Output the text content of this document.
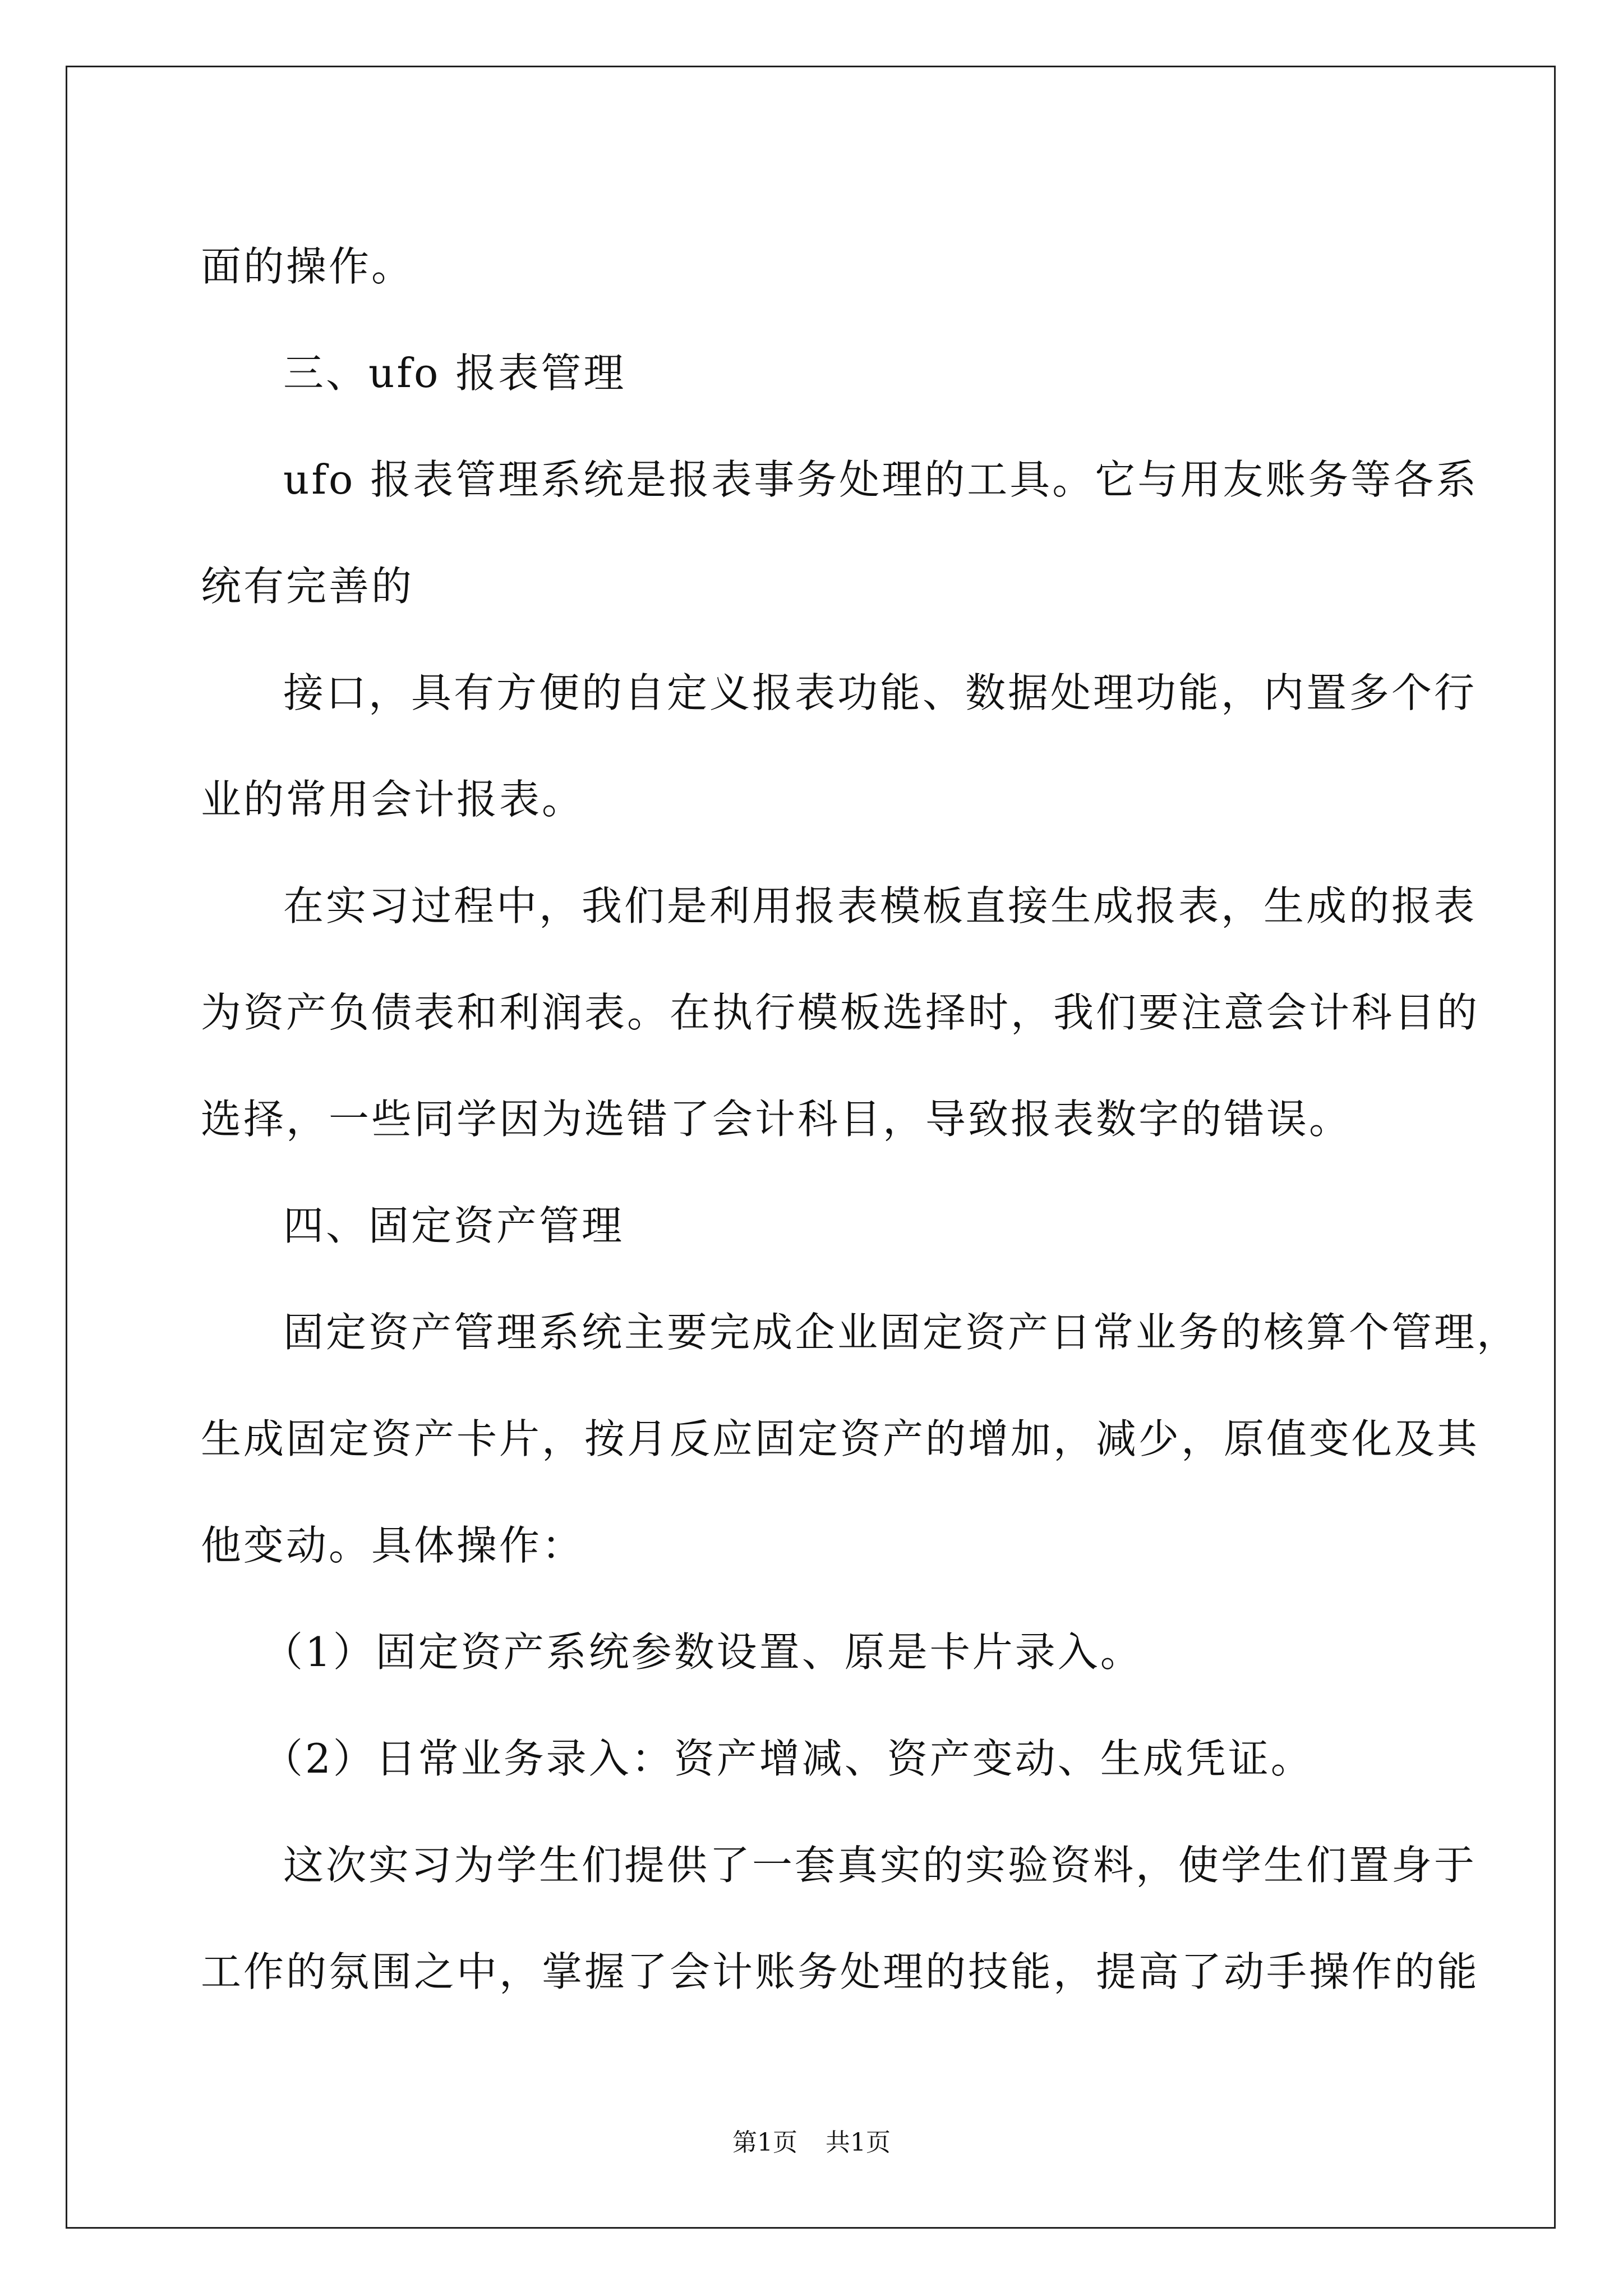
面的操作。
三、ufo 报表管理
ufo 报表管理系统是报表事务处理的工具。它与用友账务等各系
统有完善的
接口，具有方便的自定义报表功能、数据处理功能，内置多个行
业的常用会计报表。
在实习过程中，我们是利用报表模板直接生成报表，生成的报表
为资产负债表和利润表。在执行模板选择时，我们要注意会计科目的
选择，一些同学因为选错了会计科目，导致报表数字的错误。
四、固定资产管理
固定资产管理系统主要完成企业固定资产日常业务的核算个管理，
生成固定资产卡片，按月反应固定资产的增加，减少，原值变化及其
他变动。具体操作：
（1）固定资产系统参数设置、原是卡片录入。
（2）日常业务录入：资产增减、资产变动、生成凭证。
这次实习为学生们提供了一套真实的实验资料，使学生们置身于
工作的氛围之中，掌握了会计账务处理的技能，提高了动手操作的能
第1页 共1页
